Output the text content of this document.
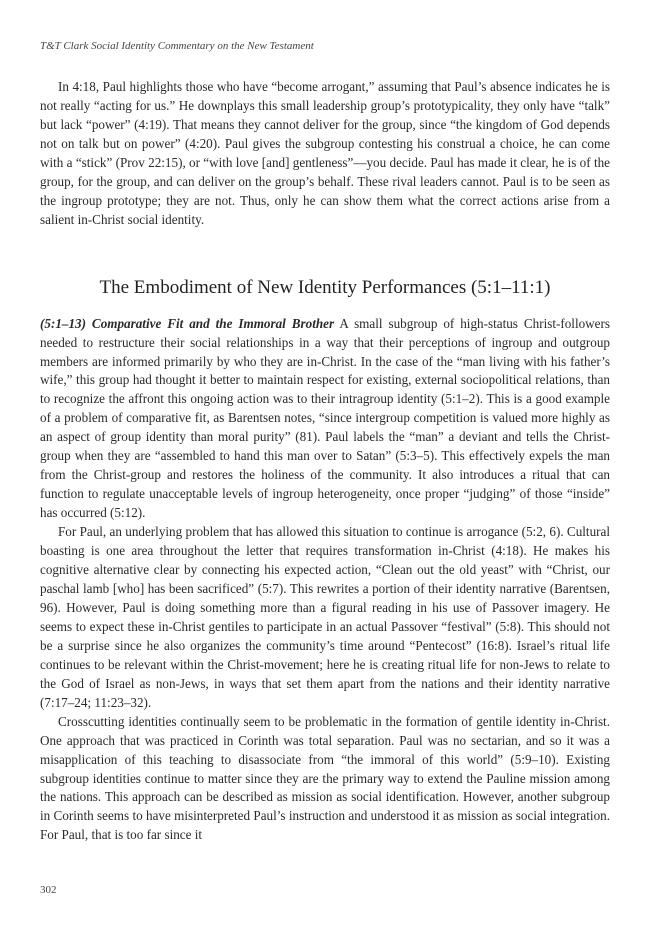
T&T Clark Social Identity Commentary on the New Testament

In 4:18, Paul highlights those who have “become arrogant,” assuming that Paul’s absence indicates he is not really “acting for us.” He downplays this small leadership group’s prototypicality, they only have “talk” but lack “power” (4:19). That means they cannot deliver for the group, since “the kingdom of God depends not on talk but on power” (4:20). Paul gives the subgroup contesting his construal a choice, he can come with a “stick” (Prov 22:15), or “with love [and] gentleness”—you decide. Paul has made it clear, he is of the group, for the group, and can deliver on the group’s behalf. These rival leaders cannot. Paul is to be seen as the ingroup prototype; they are not. Thus, only he can show them what the correct actions arise from a salient in-Christ social identity.

The Embodiment of New Identity Performances (5:1–11:1)

(5:1–13) Comparative Fit and the Immoral Brother A small subgroup of high-status Christ-followers needed to restructure their social relationships in a way that their perceptions of ingroup and outgroup members are informed primarily by who they are in-Christ. In the case of the “man living with his father’s wife,” this group had thought it better to maintain respect for existing, external sociopolitical relations, than to recognize the affront this ongoing action was to their intragroup identity (5:1–2). This is a good example of a problem of comparative fit, as Barentsen notes, “since intergroup competition is valued more highly as an aspect of group identity than moral purity” (81). Paul labels the “man” a deviant and tells the Christ-group when they are “assembled to hand this man over to Satan” (5:3–5). This effectively expels the man from the Christ-group and restores the holiness of the community. It also introduces a ritual that can function to regulate unacceptable levels of ingroup heterogeneity, once proper “judging” of those “inside” has occurred (5:12).

For Paul, an underlying problem that has allowed this situation to continue is arrogance (5:2, 6). Cultural boasting is one area throughout the letter that requires transformation in-Christ (4:18). He makes his cognitive alternative clear by connecting his expected action, “Clean out the old yeast” with “Christ, our paschal lamb [who] has been sacrificed” (5:7). This rewrites a portion of their identity narrative (Barentsen, 96). However, Paul is doing something more than a figural reading in his use of Passover imagery. He seems to expect these in-Christ gentiles to participate in an actual Passover “festival” (5:8). This should not be a surprise since he also organizes the community’s time around “Pentecost” (16:8). Israel’s ritual life continues to be relevant within the Christ-movement; here he is creating ritual life for non-Jews to relate to the God of Israel as non-Jews, in ways that set them apart from the nations and their identity narrative (7:17–24; 11:23–32).

Crosscutting identities continually seem to be problematic in the formation of gentile identity in-Christ. One approach that was practiced in Corinth was total separation. Paul was no sectarian, and so it was a misapplication of this teaching to disassociate from “the immoral of this world” (5:9–10). Existing subgroup identities continue to matter since they are the primary way to extend the Pauline mission among the nations. This approach can be described as mission as social identification. However, another subgroup in Corinth seems to have misinterpreted Paul’s instruction and understood it as mission as social integration. For Paul, that is too far since it

302
